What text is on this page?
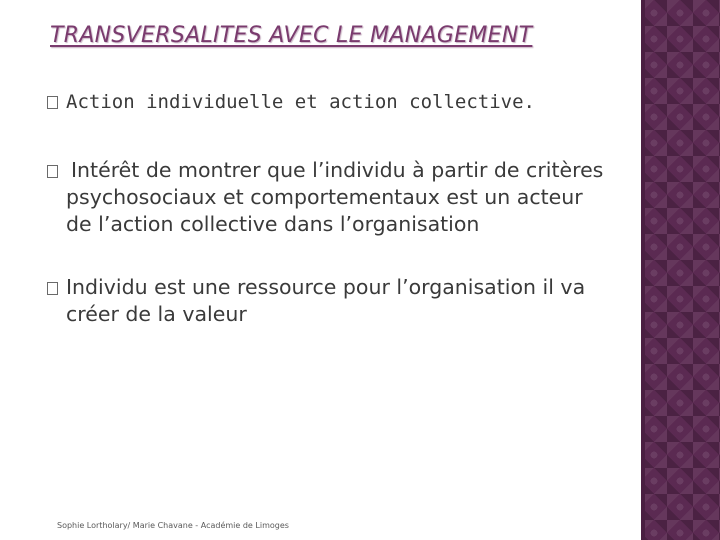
TRANSVERSALITES AVEC LE MANAGEMENT
Action individuelle et action collective.
Intérêt de montrer que l’individu à partir de critères psychosociaux et comportementaux est un acteur de l’action collective dans l’organisation
Individu est une ressource pour l’organisation il va créer de la valeur
Sophie Lortholary/ Marie Chavane - Académie de Limoges
